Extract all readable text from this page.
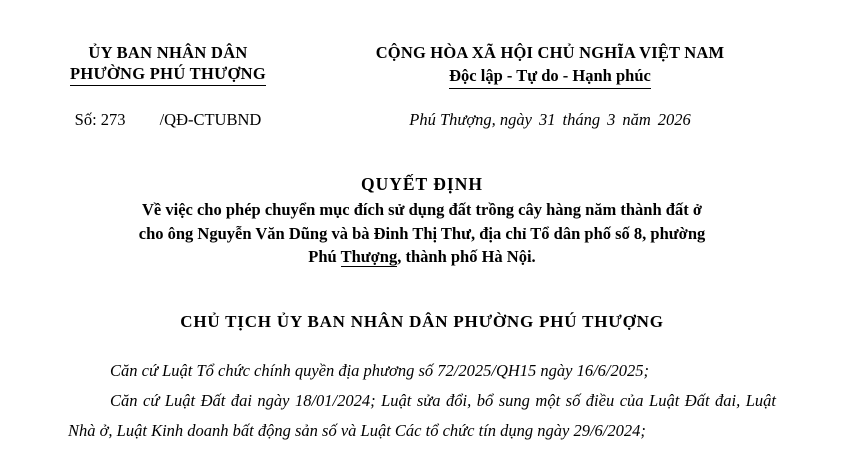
ỦY BAN NHÂN DÂN
PHƯỜNG PHÚ THƯỢNG
CỘNG HÒA XÃ HỘI CHỦ NGHĨA VIỆT NAM
Độc lập - Tự do - Hạnh phúc
Số: 273 /QĐ-CTUBND	Phú Thượng, ngày 31 tháng 3 năm 2026
QUYẾT ĐỊNH
Về việc cho phép chuyển mục đích sử dụng đất trồng cây hàng năm thành đất ở cho ông Nguyễn Văn Dũng và bà Đinh Thị Thư, địa chỉ Tổ dân phố số 8, phường Phú Thượng, thành phố Hà Nội.
CHỦ TỊCH ỦY BAN NHÂN DÂN PHƯỜNG PHÚ THƯỢNG
Căn cứ Luật Tổ chức chính quyền địa phương số 72/2025/QH15 ngày 16/6/2025;
Căn cứ Luật Đất đai ngày 18/01/2024; Luật sửa đổi, bổ sung một số điều của Luật Đất đai, Luật Nhà ở, Luật Kinh doanh bất động sản số và Luật Các tổ chức tín dụng ngày 29/6/2024;
